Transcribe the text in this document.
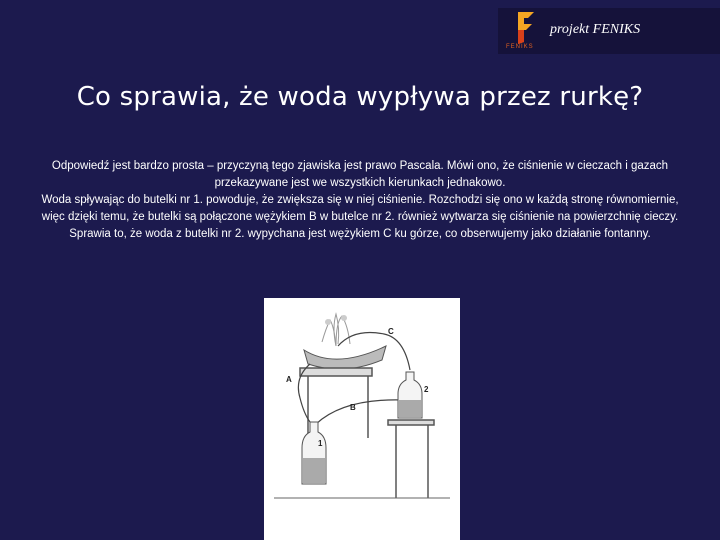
FENIKS
projekt FENIKS
Co sprawia, że woda wypływa przez rurkę?

Odpowiedź jest bardzo prosta – przyczyną tego zjawiska jest prawo Pascala. Mówi ono, że ciśnienie w cieczach i gazach przekazywane jest we wszystkich kierunkach jednakowo.

Woda spływając do butelki nr 1. powoduje, że zwiększa się w niej ciśnienie. Rozchodzi się ono w każdą stronę równomiernie, więc dzięki temu, że butelki są połączone wężykiem B w butelce nr 2. również wytwarza się ciśnienie na powierzchnię cieczy. Sprawia to, że woda z butelki nr 2. wypychana jest wężykiem C ku górze, co obserwujemy jako działanie fontanny.

C
A
B
2
1
